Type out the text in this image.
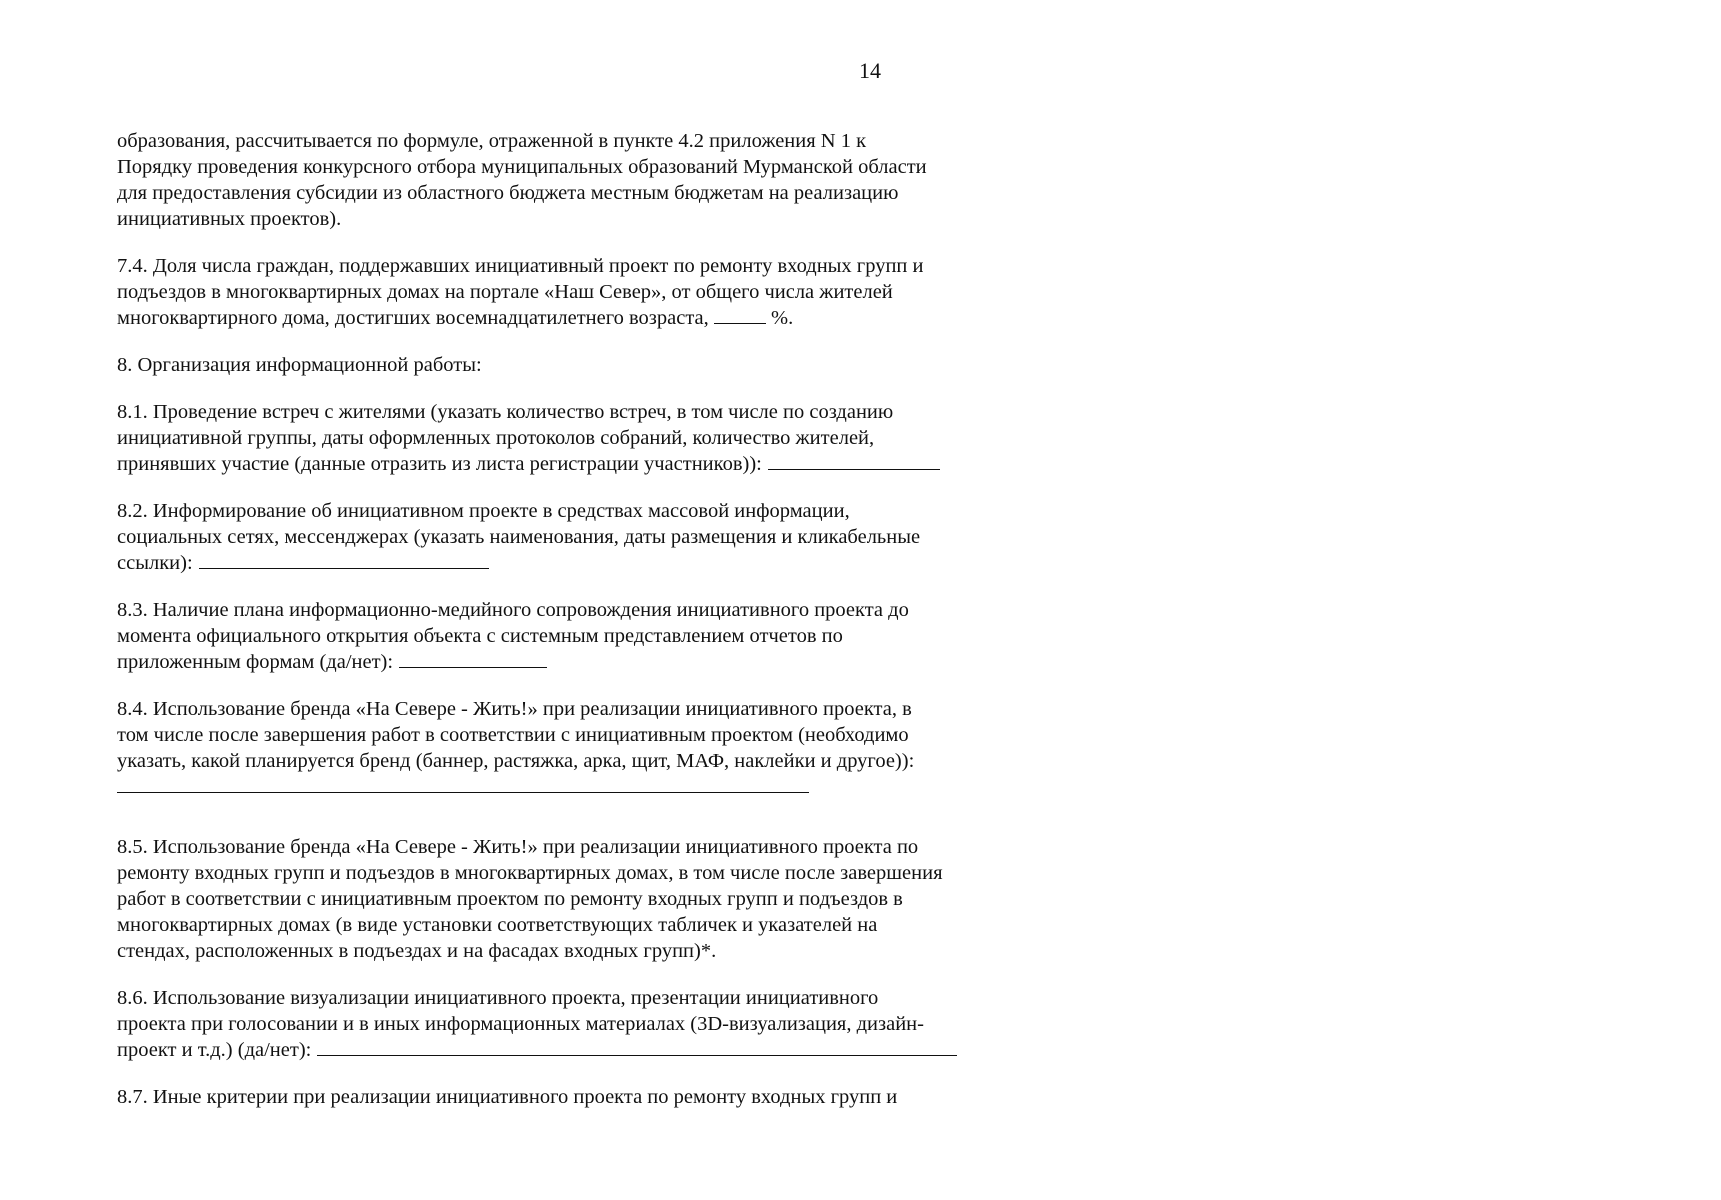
14
образования, рассчитывается по формуле, отраженной в пункте 4.2 приложения N 1 к
Порядку проведения конкурсного отбора муниципальных образований Мурманской области
для предоставления субсидии из областного бюджета местным бюджетам на реализацию
инициативных проектов).
7.4. Доля числа граждан, поддержавших инициативный проект по ремонту входных групп и
подъездов в многоквартирных домах на портале «Наш Север», от общего числа жителей
многоквартирного дома, достигших восемнадцатилетнего возраста,	%.
8. Организация информационной работы:
8.1. Проведение встреч с жителями (указать количество встреч, в том числе по созданию
инициативной группы, даты оформленных протоколов собраний, количество жителей,
принявших участие (данные отразить из листа регистрации участников)):
8.2. Информирование об инициативном проекте в средствах массовой информации,
социальных сетях, мессенджерах (указать наименования, даты размещения и кликабельные
ссылки):
8.3. Наличие плана информационно-медийного сопровождения инициативного проекта до
момента официального открытия объекта с системным представлением отчетов по
приложенным формам (да/нет):
8.4. Использование бренда «На Севере - Жить!» при реализации инициативного проекта, в
том числе после завершения работ в соответствии с инициативным проектом (необходимо
указать, какой планируется бренд (баннер, растяжка, арка, щит, МАФ, наклейки и другое)):
8.5. Использование бренда «На Севере - Жить!» при реализации инициативного проекта по
ремонту входных групп и подъездов в многоквартирных домах, в том числе после завершения
работ в соответствии с инициативным проектом по ремонту входных групп и подъездов в
многоквартирных домах (в виде установки соответствующих табличек и указателей на
стендах, расположенных в подъездах и на фасадах входных групп)*.
8.6. Использование визуализации инициативного проекта, презентации инициативного
проекта при голосовании и в иных информационных материалах (3D-визуализация, дизайн-
проект и т.д.) (да/нет):
8.7. Иные критерии при реализации инициативного проекта по ремонту входных групп и
